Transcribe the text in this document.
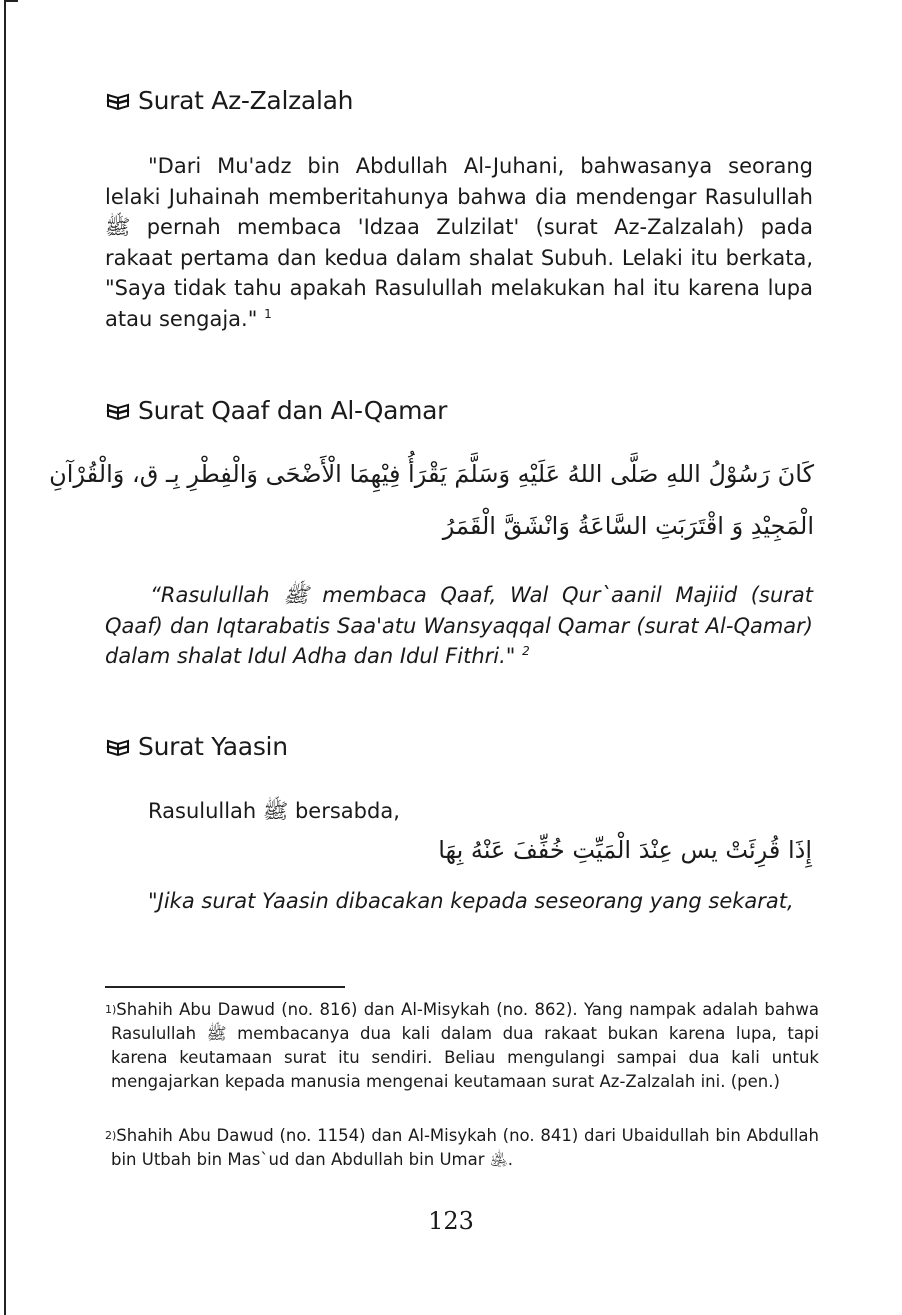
Surat Az-Zalzalah

"Dari Mu'adz bin Abdullah Al-Juhani, bahwasanya seorang lelaki Juhainah memberitahunya bahwa dia mendengar Rasulullah ﷺ pernah membaca 'Idzaa Zulzilat' (surat Az-Zalzalah) pada rakaat pertama dan kedua dalam shalat Subuh. Lelaki itu berkata, "Saya tidak tahu apakah Rasulullah melakukan hal itu karena lupa atau sengaja." $^1$

Surat Qaaf dan Al-Qamar

كَانَ رَسُوْلُ اللهِ صَلَّى اللهُ عَلَيْهِ وَسَلَّمَ يَقْرَأُ فِيْهِمَا الْأَضْحَى وَالْفِطْرِ بِـ ق، وَالْقُرْآنِ

الْمَجِيْدِ وَ اقْتَرَبَتِ السَّاعَةُ وَانْشَقَّ الْقَمَرُ

“Rasulullah ﷺ membaca Qaaf, Wal Qur`aanil Majiid (surat Qaaf) dan Iqtarabatis Saa'atu Wansyaqqal Qamar (surat Al-Qamar) dalam shalat Idul Adha dan Idul Fithri." $^2$

Surat Yaasin

Rasulullah ﷺ bersabda,

إِذَا قُرِئَتْ يس عِنْدَ الْمَيِّتِ خُفِّفَ عَنْهُ بِهَا

"Jika surat Yaasin dibacakan kepada seseorang yang sekarat,

$^{1)}$Shahih Abu Dawud (no. 816) dan Al-Misykah (no. 862). Yang nampak adalah bahwa Rasulullah ﷺ membacanya dua kali dalam dua rakaat bukan karena lupa, tapi karena keutamaan surat itu sendiri. Beliau mengulangi sampai dua kali untuk mengajarkan kepada manusia mengenai keutamaan surat Az-Zalzalah ini. (pen.)

$^{2)}$Shahih Abu Dawud (no. 1154) dan Al-Misykah (no. 841) dari Ubaidullah bin Abdullah bin Utbah bin Mas`ud dan Abdullah bin Umar ﵁.

123
